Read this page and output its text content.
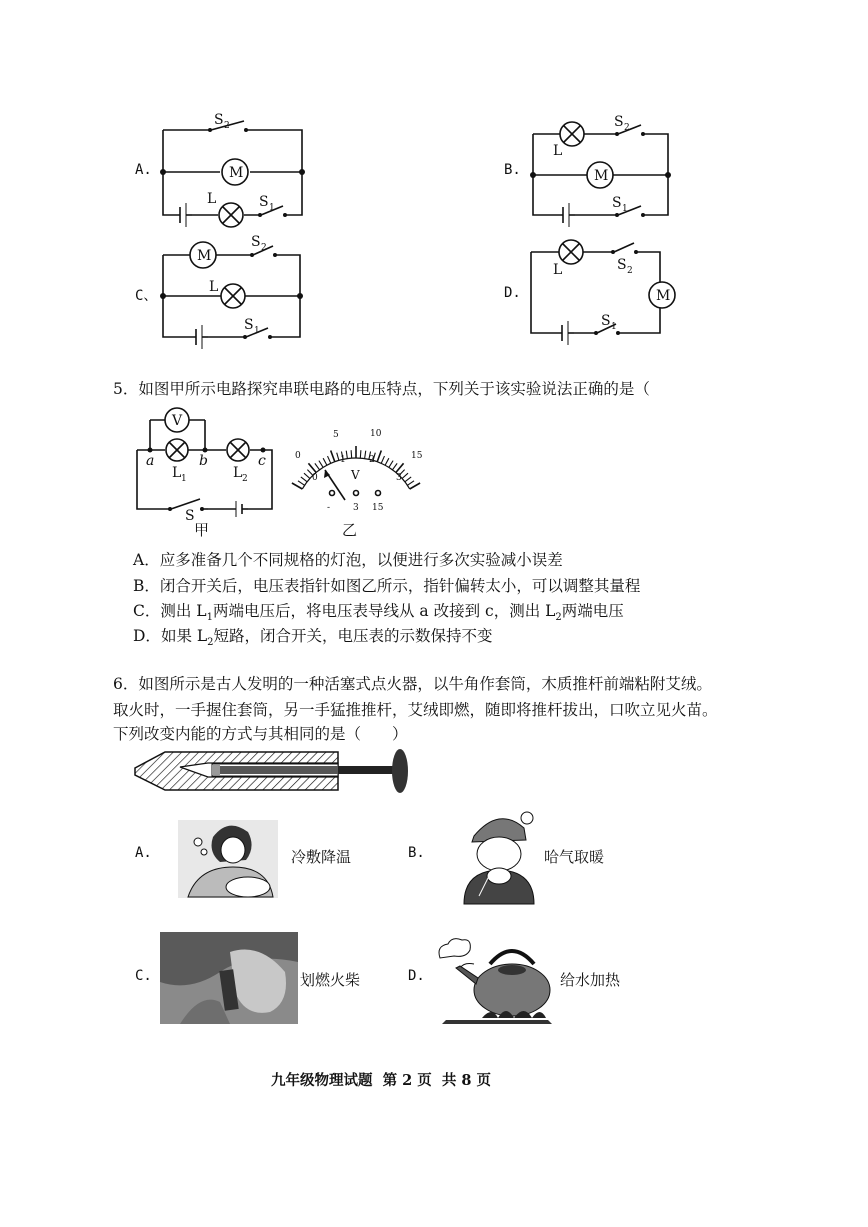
A.	M
L
S 2
S 1
B.	M
L
S 2
S 1
C、
M
L
S 2
S 1
D.	M
L	S 2
S 1
5．如图甲所示电路探究串联电路的电压特点，下列关于该实验说法正确的是（
V
a	b	c
L 1	L 2
S
甲
0
5	10
15
0
1	2
3
V
-	3 15
乙
A．应多准备几个不同规格的灯泡，以便进行多次实验减小误差
B．闭合开关后，电压表指针如图乙所示，指针偏转太小，可以调整其量程
C．测出 $L_1$两端电压后，将电压表导线从 a 改接到 c，测出 $L_2$两端电压
D．如果 $L_2$短路，闭合开关，电压表的示数保持不变
6．如图所示是古人发明的一种活塞式点火器，以牛角作套筒，木质推杆前端粘附艾绒。
取火时，一手握住套筒，另一手猛推推杆，艾绒即燃，随即将推杆拔出，口吹立见火苗。
下列改变内能的方式与其相同的是（　　）
A.	冷敷降温	B.	哈气取暖
C.	划燃火柴	D.	给水加热
九年级物理试题  第 2 页  共 8 页
